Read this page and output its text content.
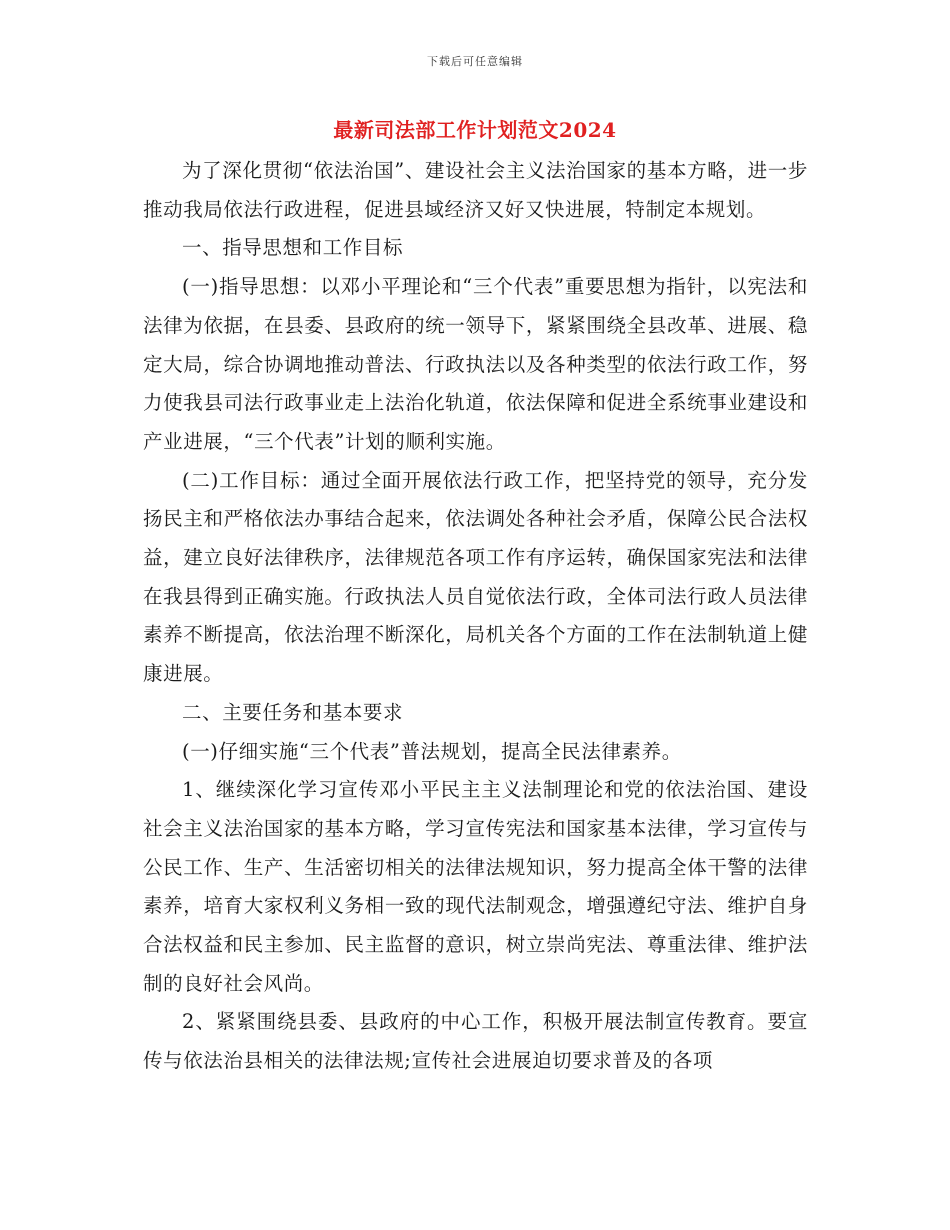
下载后可任意编辑
最新司法部工作计划范文2024

为了深化贯彻“依法治国”、建设社会主义法治国家的基本方略，进一步推动我局依法行政进程，促进县域经济又好又快进展，特制定本规划。

一、指导思想和工作目标

(一)指导思想：以邓小平理论和“三个代表”重要思想为指针，以宪法和法律为依据，在县委、县政府的统一领导下，紧紧围绕全县改革、进展、稳定大局，综合协调地推动普法、行政执法以及各种类型的依法行政工作，努力使我县司法行政事业走上法治化轨道，依法保障和促进全系统事业建设和产业进展，“三个代表”计划的顺利实施。

(二)工作目标：通过全面开展依法行政工作，把坚持党的领导，充分发扬民主和严格依法办事结合起来，依法调处各种社会矛盾，保障公民合法权益，建立良好法律秩序，法律规范各项工作有序运转，确保国家宪法和法律在我县得到正确实施。行政执法人员自觉依法行政，全体司法行政人员法律素养不断提高，依法治理不断深化，局机关各个方面的工作在法制轨道上健康进展。

二、主要任务和基本要求

(一)仔细实施“三个代表”普法规划，提高全民法律素养。

1、继续深化学习宣传邓小平民主主义法制理论和党的依法治国、建设社会主义法治国家的基本方略，学习宣传宪法和国家基本法律，学习宣传与公民工作、生产、生活密切相关的法律法规知识，努力提高全体干警的法律素养，培育大家权利义务相一致的现代法制观念，增强遵纪守法、维护自身合法权益和民主参加、民主监督的意识，树立崇尚宪法、尊重法律、维护法制的良好社会风尚。

2、紧紧围绕县委、县政府的中心工作，积极开展法制宣传教育。要宣传与依法治县相关的法律法规;宣传社会进展迫切要求普及的各项
